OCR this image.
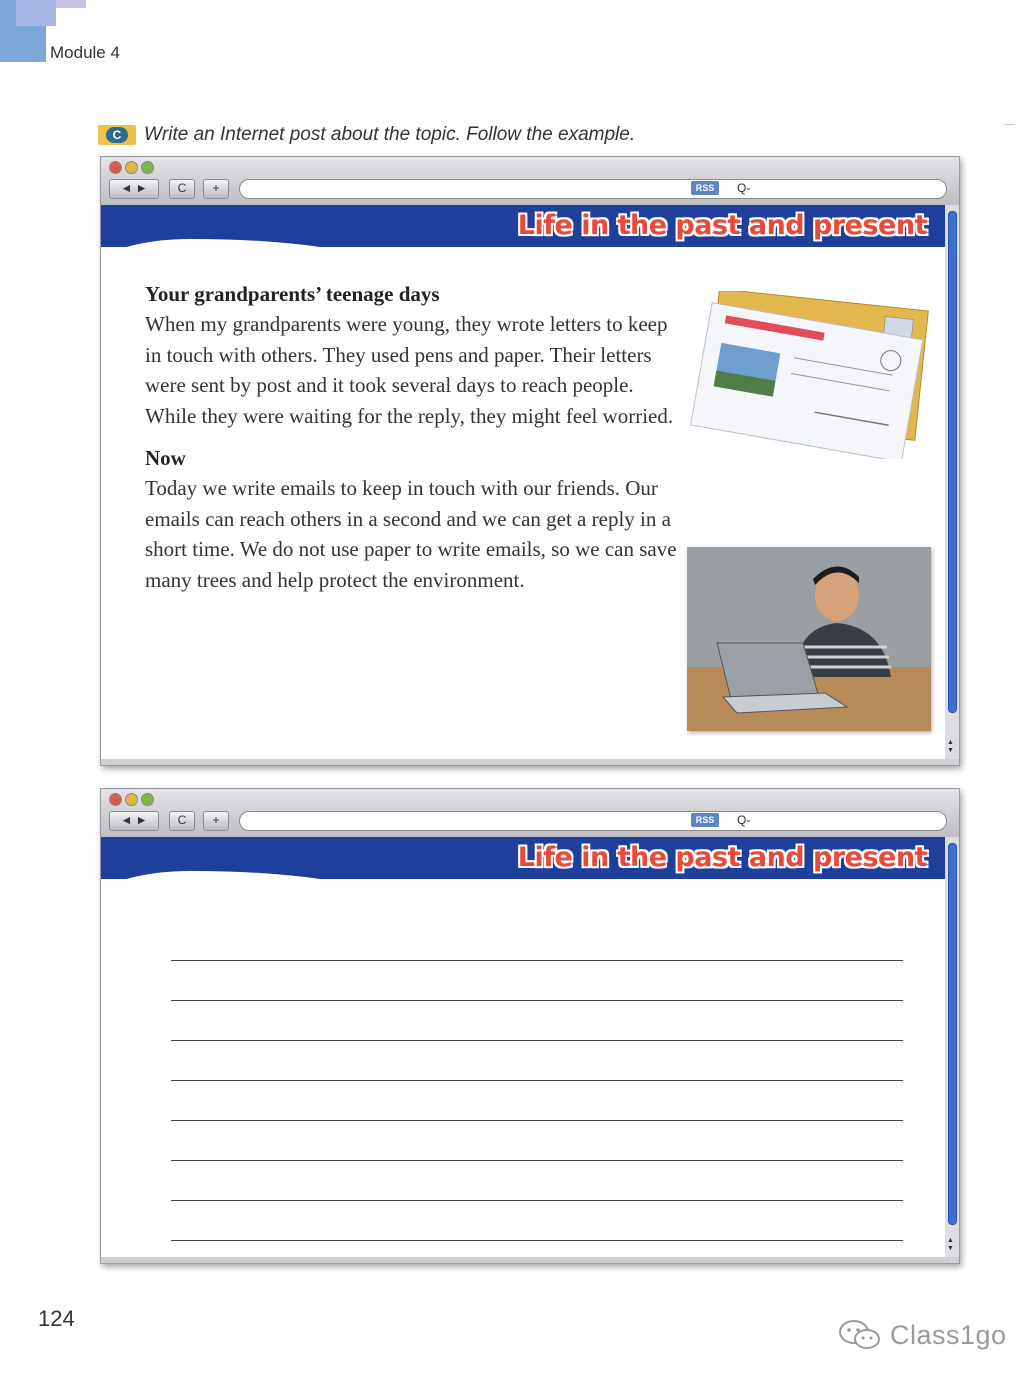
Module 4
C	Write an Internet post about the topic. Follow the example.
◄ ►	C	+	RSS	Q-
Life in the past and present
Your grandparents’ teenage days
When my grandparents were young, they wrote letters to keep in touch with others. They used pens and paper. Their letters were sent by post and it took several days to reach people. While they were waiting for the reply, they might feel worried.
Now
Today we write emails to keep in touch with our friends. Our emails can reach others in a second and we can get a reply in a short time. We do not use paper to write emails, so we can save many trees and help protect the environment.
▲
▼
◄ ►	C	+	RSS	Q-
Life in the past and present
▲
▼
124
Class1go
